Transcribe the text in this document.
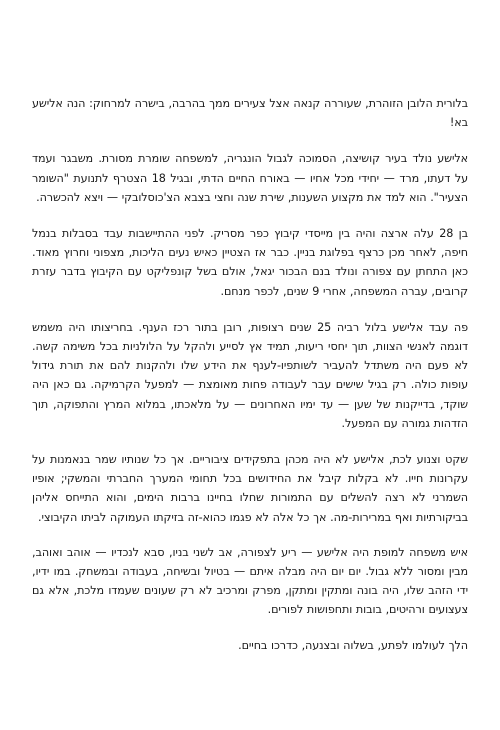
בלורית הלובן הזוהרת, שעוררה קנאה אצל צעירים ממך בהרבה, בישרה למרחוק: הנה אלישע בא!

אלישע נולד בעיר קושיצה, הסמוכה לגבול הונגריה, למשפחה שומרת מסורת. משבגר ועמד על דעתו, מרד — יחידי מכל אחיו — באורח החיים הדתי, ובגיל 18 הצטרף לתנועת "השומר הצעיר". הוא למד את מקצוע השענות, שירת שנה וחצי בצבא הצ'כוסלובקי — ויצא להכשרה.

בן 28 עלה ארצה והיה בין מייסדי קיבוץ כפר מסריק. לפני ההתיישבות עבד בסבלות בנמל חיפה, לאחר מכן כרצף בפלוגת בניין. כבר אז הצטיין כאיש נעים הליכות, מצפוני וחרוץ מאוד. כאן התחתן עם צפורה ונולד בנם הבכור יגאל, אולם בשל קונפליקט עם הקיבוץ בדבר עזרת קרובים, עברה המשפחה, אחרי 9 שנים, לכפר מנחם.

פה עבד אלישע בלול רביה 25 שנים רצופות, רובן בתור רכז הענף. בחריצותו היה משמש דוגמה לאנשי הצוות, תוך יחסי ריעות, תמיד אץ לסייע ולהקל על הלולניות בכל משימה קשה. לא פעם היה משתדל להעביר לשותפיו-לענף את הידע שלו ולהקנות להם את תורת גידול עופות כולה. רק בגיל שישים עבר לעבודה פחות מאומצת — למפעל הקרמיקה. גם כאן היה שוקד, בדייקנות של שען — עד ימיו האחרונים — על מלאכתו, במלוא המרץ והתפוקה, תוך הזדהות גמורה עם המפעל.

שקט וצנוע לכת, אלישע לא היה מכהן בתפקידים ציבוריים. אך כל שנותיו שמר בנאמנות על עקרונות חייו. לא בקלות קיבל את החידושים בכל תחומי המערך החברתי והמשקי; אופיו השמרני לא רצה להשלים עם התמורות שחלו בחיינו ברבות הימים, והוא התייחס אליהן בביקורתיות ואף במרירות-מה. אך כל אלה לא פגמו כהוא-זה בזיקתו העמוקה לביתו הקיבוצי.

איש משפחה למופת היה אלישע — ריע לצפורה, אב לשני בניו, סבא לנכדיו — אוהב ואוהב, מבין ומסור ללא גבול. יום יום היה מבלה איתם — בטיול ובשיחה, בעבודה ובמשחק. במו ידיו, ידי הזהב שלו, היה בונה ומתקין ומתקן, מפרק ומרכיב לא רק שעונים שעמדו מלכת, אלא גם צעצועים ורהיטים, בובות ותחפושות לפורים.

הלך לעולמו לפתע, בשלוה ובצנעה, כדרכו בחיים.
